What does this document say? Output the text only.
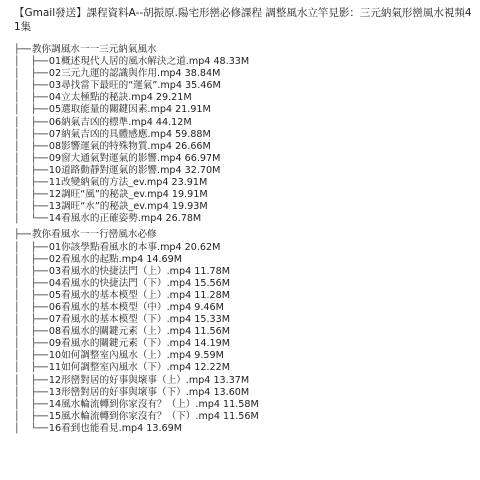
【Gmail發送】課程資料A--胡振原.陽宅形巒必修課程 調整風水立竿見影：三元納氣形巒風水視頻41集
├── 教你調風水一一三元納氣風水
│  ├── 01概述現代人居的風水解決之道.mp4 48.33M
│  ├── 02三元九運的認識與作用.mp4 38.84M
│  ├── 03尋找當下最旺的“運氣”.mp4 35.46M
│  ├── 04立太極點的秘訣.mp4 29.21M
│  ├── 05選取能量的關鍵因素.mp4 21.91M
│  ├── 06納氣吉凶的標準.mp4 44.12M
│  ├── 07納氣吉凶的具體感應.mp4 59.88M
│  ├── 08影響運氣的特殊物質.mp4 26.66M
│  ├── 09窗大通氣對運氣的影響.mp4 66.97M
│  ├── 10道路動靜對運氣的影響.mp4 32.70M
│  ├── 11改變納氣的方法_ev.mp4 23.91M
│  ├── 12調旺“風”的秘訣_ev.mp4 19.91M
│  ├── 13調旺“水”的秘訣_ev.mp4 19.93M
│  └── 14看風水的正確姿勢.mp4 26.78M
├── 教你看風水一一行巒風水必修
│  ├── 01你該學點看風水的本事.mp4 20.62M
│  ├── 02看風水的起點.mp4 14.69M
│  ├── 03看風水的快捷法門（上）.mp4 11.78M
│  ├── 04看風水的快捷法門（下）.mp4 15.56M
│  ├── 05看風水的基本模型（上）.mp4 11.28M
│  ├── 06看風水的基本模型（中）.mp4 9.46M
│  ├── 07看風水的基本模型（下）.mp4 15.33M
│  ├── 08看風水的關鍵元素（上）.mp4 11.56M
│  ├── 09看風水的關鍵元素（下）.mp4 14.19M
│  ├── 10如何調整室內風水（上）.mp4 9.59M
│  ├── 11如何調整室內風水（下）.mp4 12.22M
│  ├── 12形巒對居的好事與壞事（上）.mp4 13.37M
│  ├── 13形巒對居的好事與壞事（下）.mp4 13.60M
│  ├── 14風水輪流轉到你家沒有？（上）.mp4 11.58M
│  ├── 15風水輪流轉到你家沒有？（下）.mp4 11.56M
│  └── 16看到也能看見.mp4 13.69M
